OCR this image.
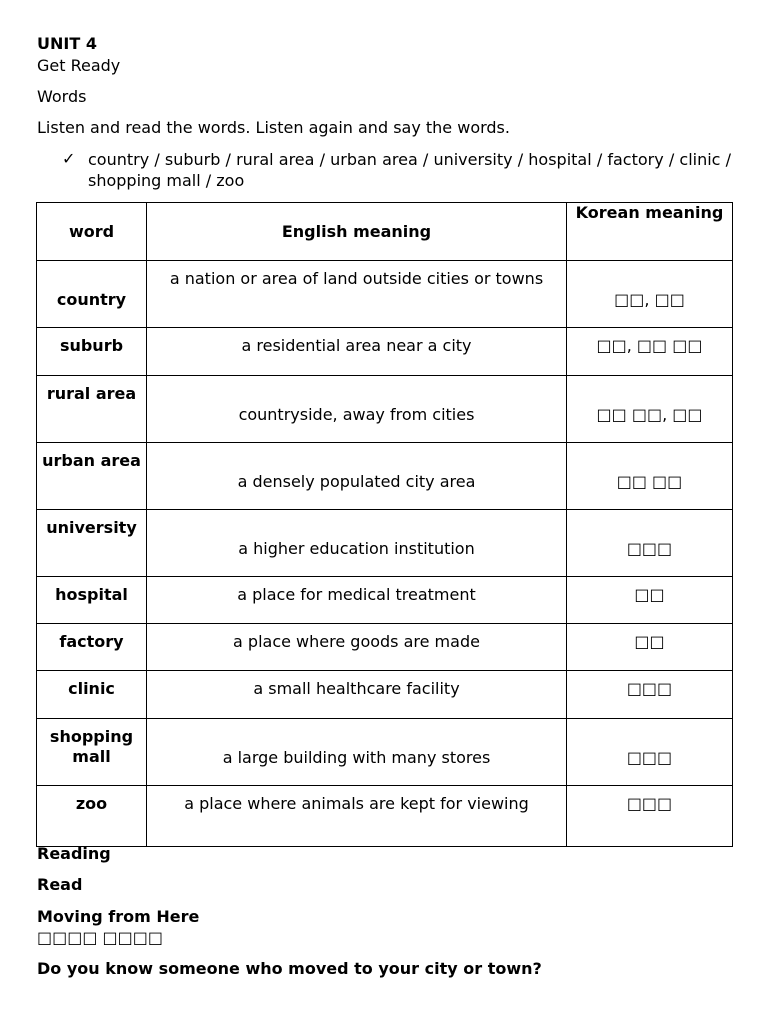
UNIT 4
Get Ready
Words
Listen and read the words. Listen again and say the words.
✓ country / suburb / rural area / urban area / university / hospital / factory / clinic / shopping mall / zoo
word	English meaning	Korean meaning
country	a nation or area of land outside cities or towns	□□, □□
suburb	a residential area near a city	□□, □□ □□
rural area	countryside, away from cities	□□ □□, □□
urban area	a densely populated city area	□□ □□
university	a higher education institution	□□□
hospital	a place for medical treatment	□□
factory	a place where goods are made	□□
clinic	a small healthcare facility	□□□
shopping mall	a large building with many stores	□□□
zoo	a place where animals are kept for viewing	□□□
Reading
Read
Moving from Here
□□□□ □□□□
Do you know someone who moved to your city or town?
